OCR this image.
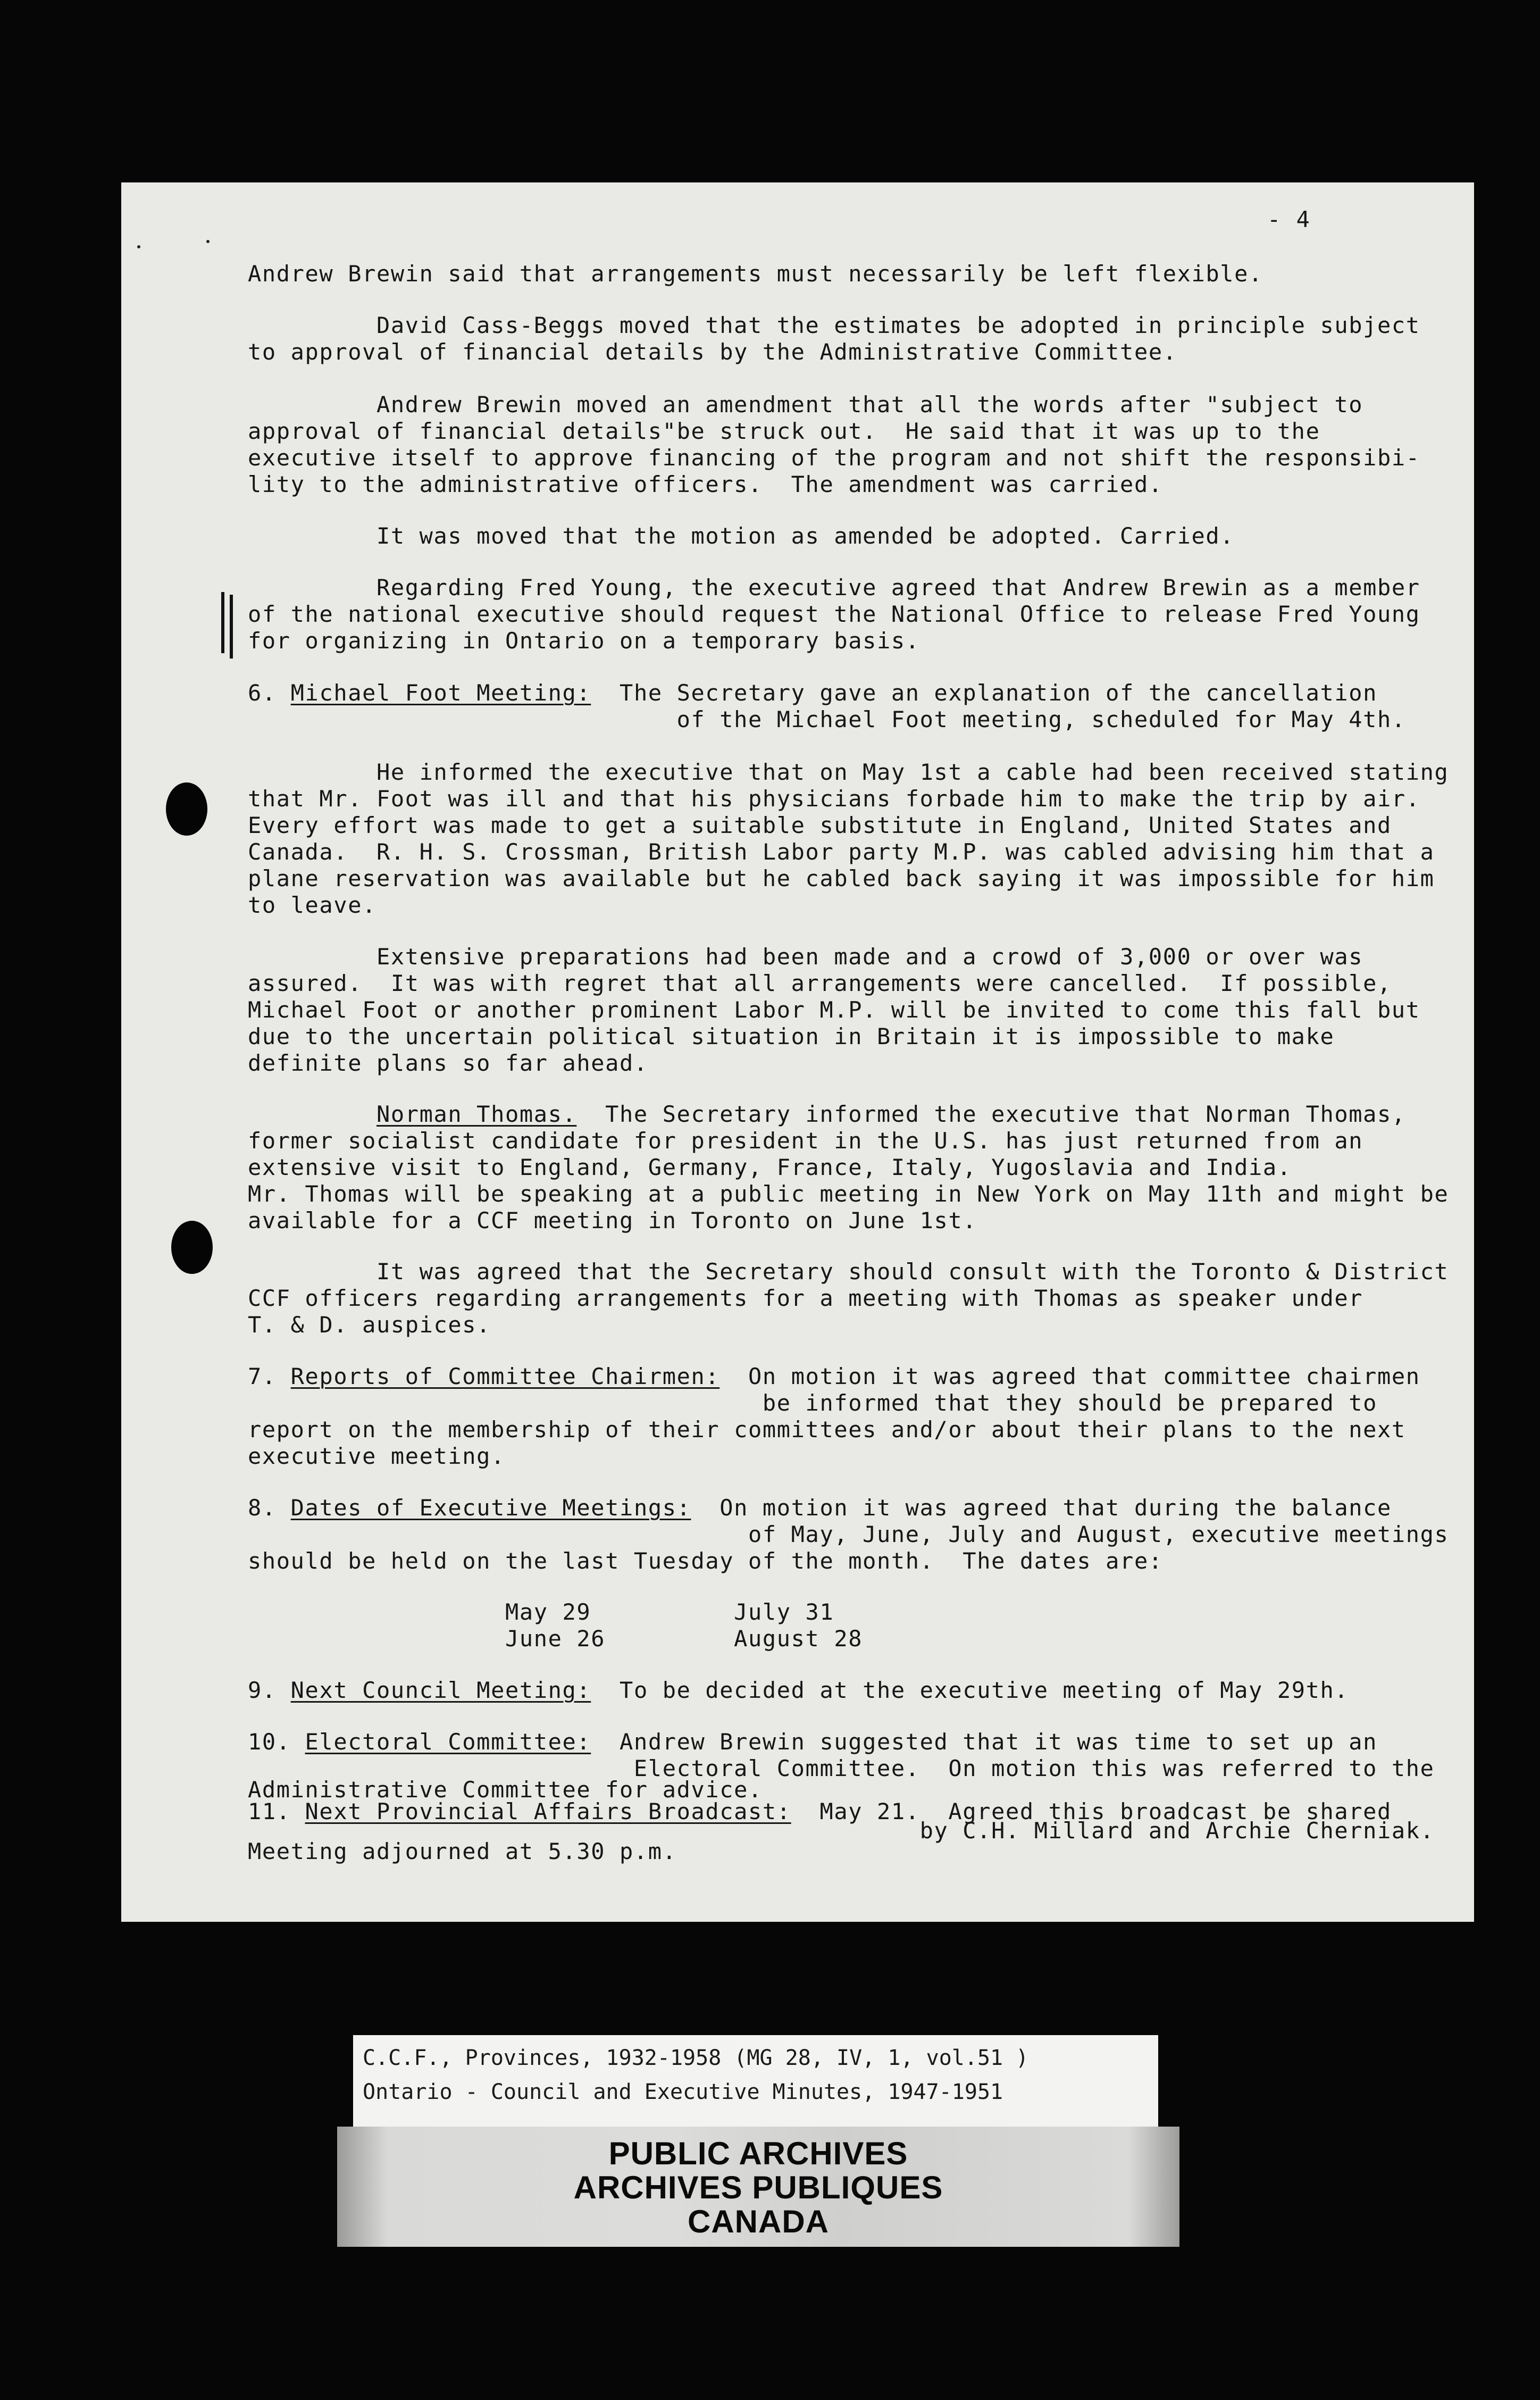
- 4
Andrew Brewin said that arrangements must necessarily be left flexible.
David Cass-Beggs moved that the estimates be adopted in principle subject
to approval of financial details by the Administrative Committee.
Andrew Brewin moved an amendment that all the words after "subject to
approval of financial details"be struck out.  He said that it was up to the
executive itself to approve financing of the program and not shift the responsibi-
lity to the administrative officers.  The amendment was carried.
It was moved that the motion as amended be adopted. Carried.
Regarding Fred Young, the executive agreed that Andrew Brewin as a member
of the national executive should request the National Office to release Fred Young
for organizing in Ontario on a temporary basis.
6. Michael Foot Meeting:  The Secretary gave an explanation of the cancellation
of the Michael Foot meeting, scheduled for May 4th.
He informed the executive that on May 1st a cable had been received stating
that Mr. Foot was ill and that his physicians forbade him to make the trip by air.
Every effort was made to get a suitable substitute in England, United States and
Canada.  R. H. S. Crossman, British Labor party M.P. was cabled advising him that a
plane reservation was available but he cabled back saying it was impossible for him
to leave.
Extensive preparations had been made and a crowd of 3,000 or over was
assured.  It was with regret that all arrangements were cancelled.  If possible,
Michael Foot or another prominent Labor M.P. will be invited to come this fall but
due to the uncertain political situation in Britain it is impossible to make
definite plans so far ahead.
Norman Thomas.  The Secretary informed the executive that Norman Thomas,
former socialist candidate for president in the U.S. has just returned from an
extensive visit to England, Germany, France, Italy, Yugoslavia and India.
Mr. Thomas will be speaking at a public meeting in New York on May 11th and might be
available for a CCF meeting in Toronto on June 1st.
It was agreed that the Secretary should consult with the Toronto & District
CCF officers regarding arrangements for a meeting with Thomas as speaker under
T. & D. auspices.
7. Reports of Committee Chairmen:  On motion it was agreed that committee chairmen
be informed that they should be prepared to
report on the membership of their committees and/or about their plans to the next
executive meeting.
8. Dates of Executive Meetings:  On motion it was agreed that during the balance
of May, June, July and August, executive meetings
should be held on the last Tuesday of the month.  The dates are:
May 29          July 31
June 26         August 28
9. Next Council Meeting:  To be decided at the executive meeting of May 29th.
10. Electoral Committee:  Andrew Brewin suggested that it was time to set up an
Electoral Committee.  On motion this was referred to the
Administrative Committee for advice.
11. Next Provincial Affairs Broadcast:  May 21.  Agreed this broadcast be shared
by C.H. Millard and Archie Cherniak.
Meeting adjourned at 5.30 p.m.
C.C.F., Provinces, 1932-1958 (MG 28, IV, 1, vol.51 )
Ontario - Council and Executive Minutes, 1947-1951
PUBLIC ARCHIVES
ARCHIVES PUBLIQUES
CANADA
